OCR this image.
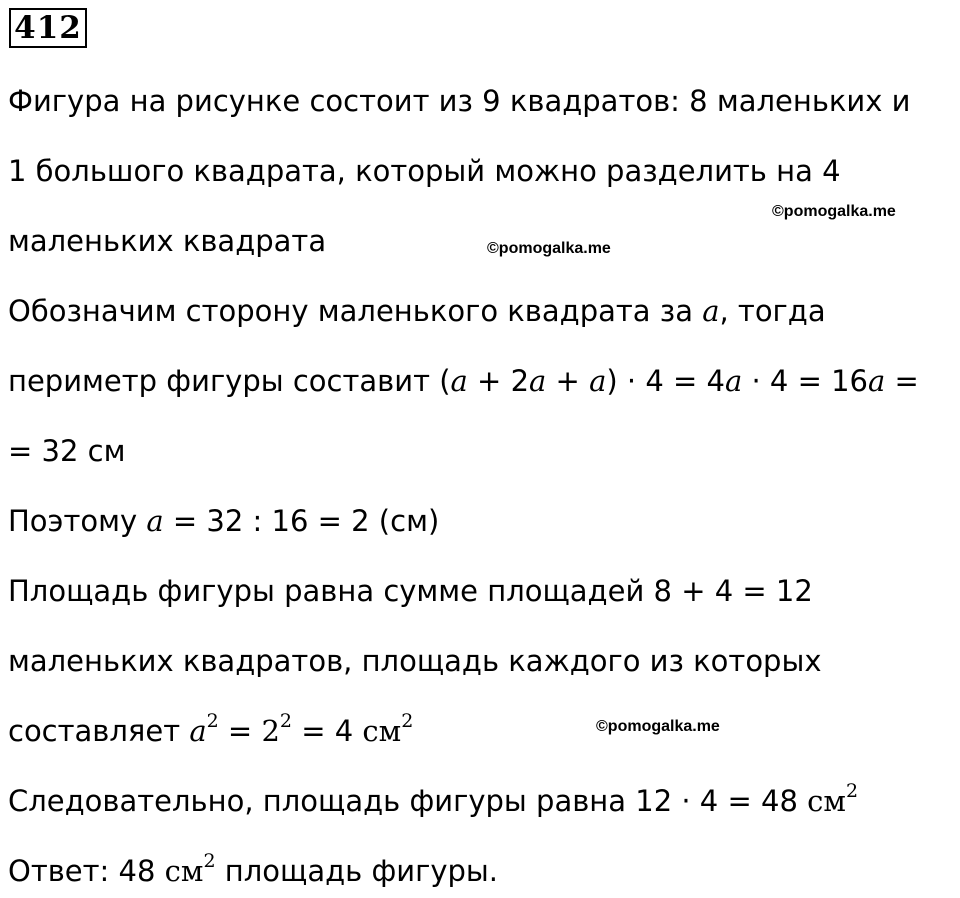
412
Фигура на рисунке состоит из 9 квадратов: 8 маленьких и
1 большого квадрата, который можно разделить на 4
©pomogalka.me
маленьких квадрата	©pomogalka.me
Обозначим сторону маленького квадрата за a, тогда
периметр фигуры составит (a + 2a + a) · 4 = 4a · 4 = 16a =
= 32 см
Поэтому a = 32 : 16 = 2 (см)
Площадь фигуры равна сумме площадей 8 + 4 = 12
маленьких квадратов, площадь каждого из которых
составляет $a^2 = 2^2 = 4$ $см^2$	©pomogalka.me
Следовательно, площадь фигуры равна 12 · 4 = 48 $см^2$
Ответ: 48 $см^2$ площадь фигуры.
